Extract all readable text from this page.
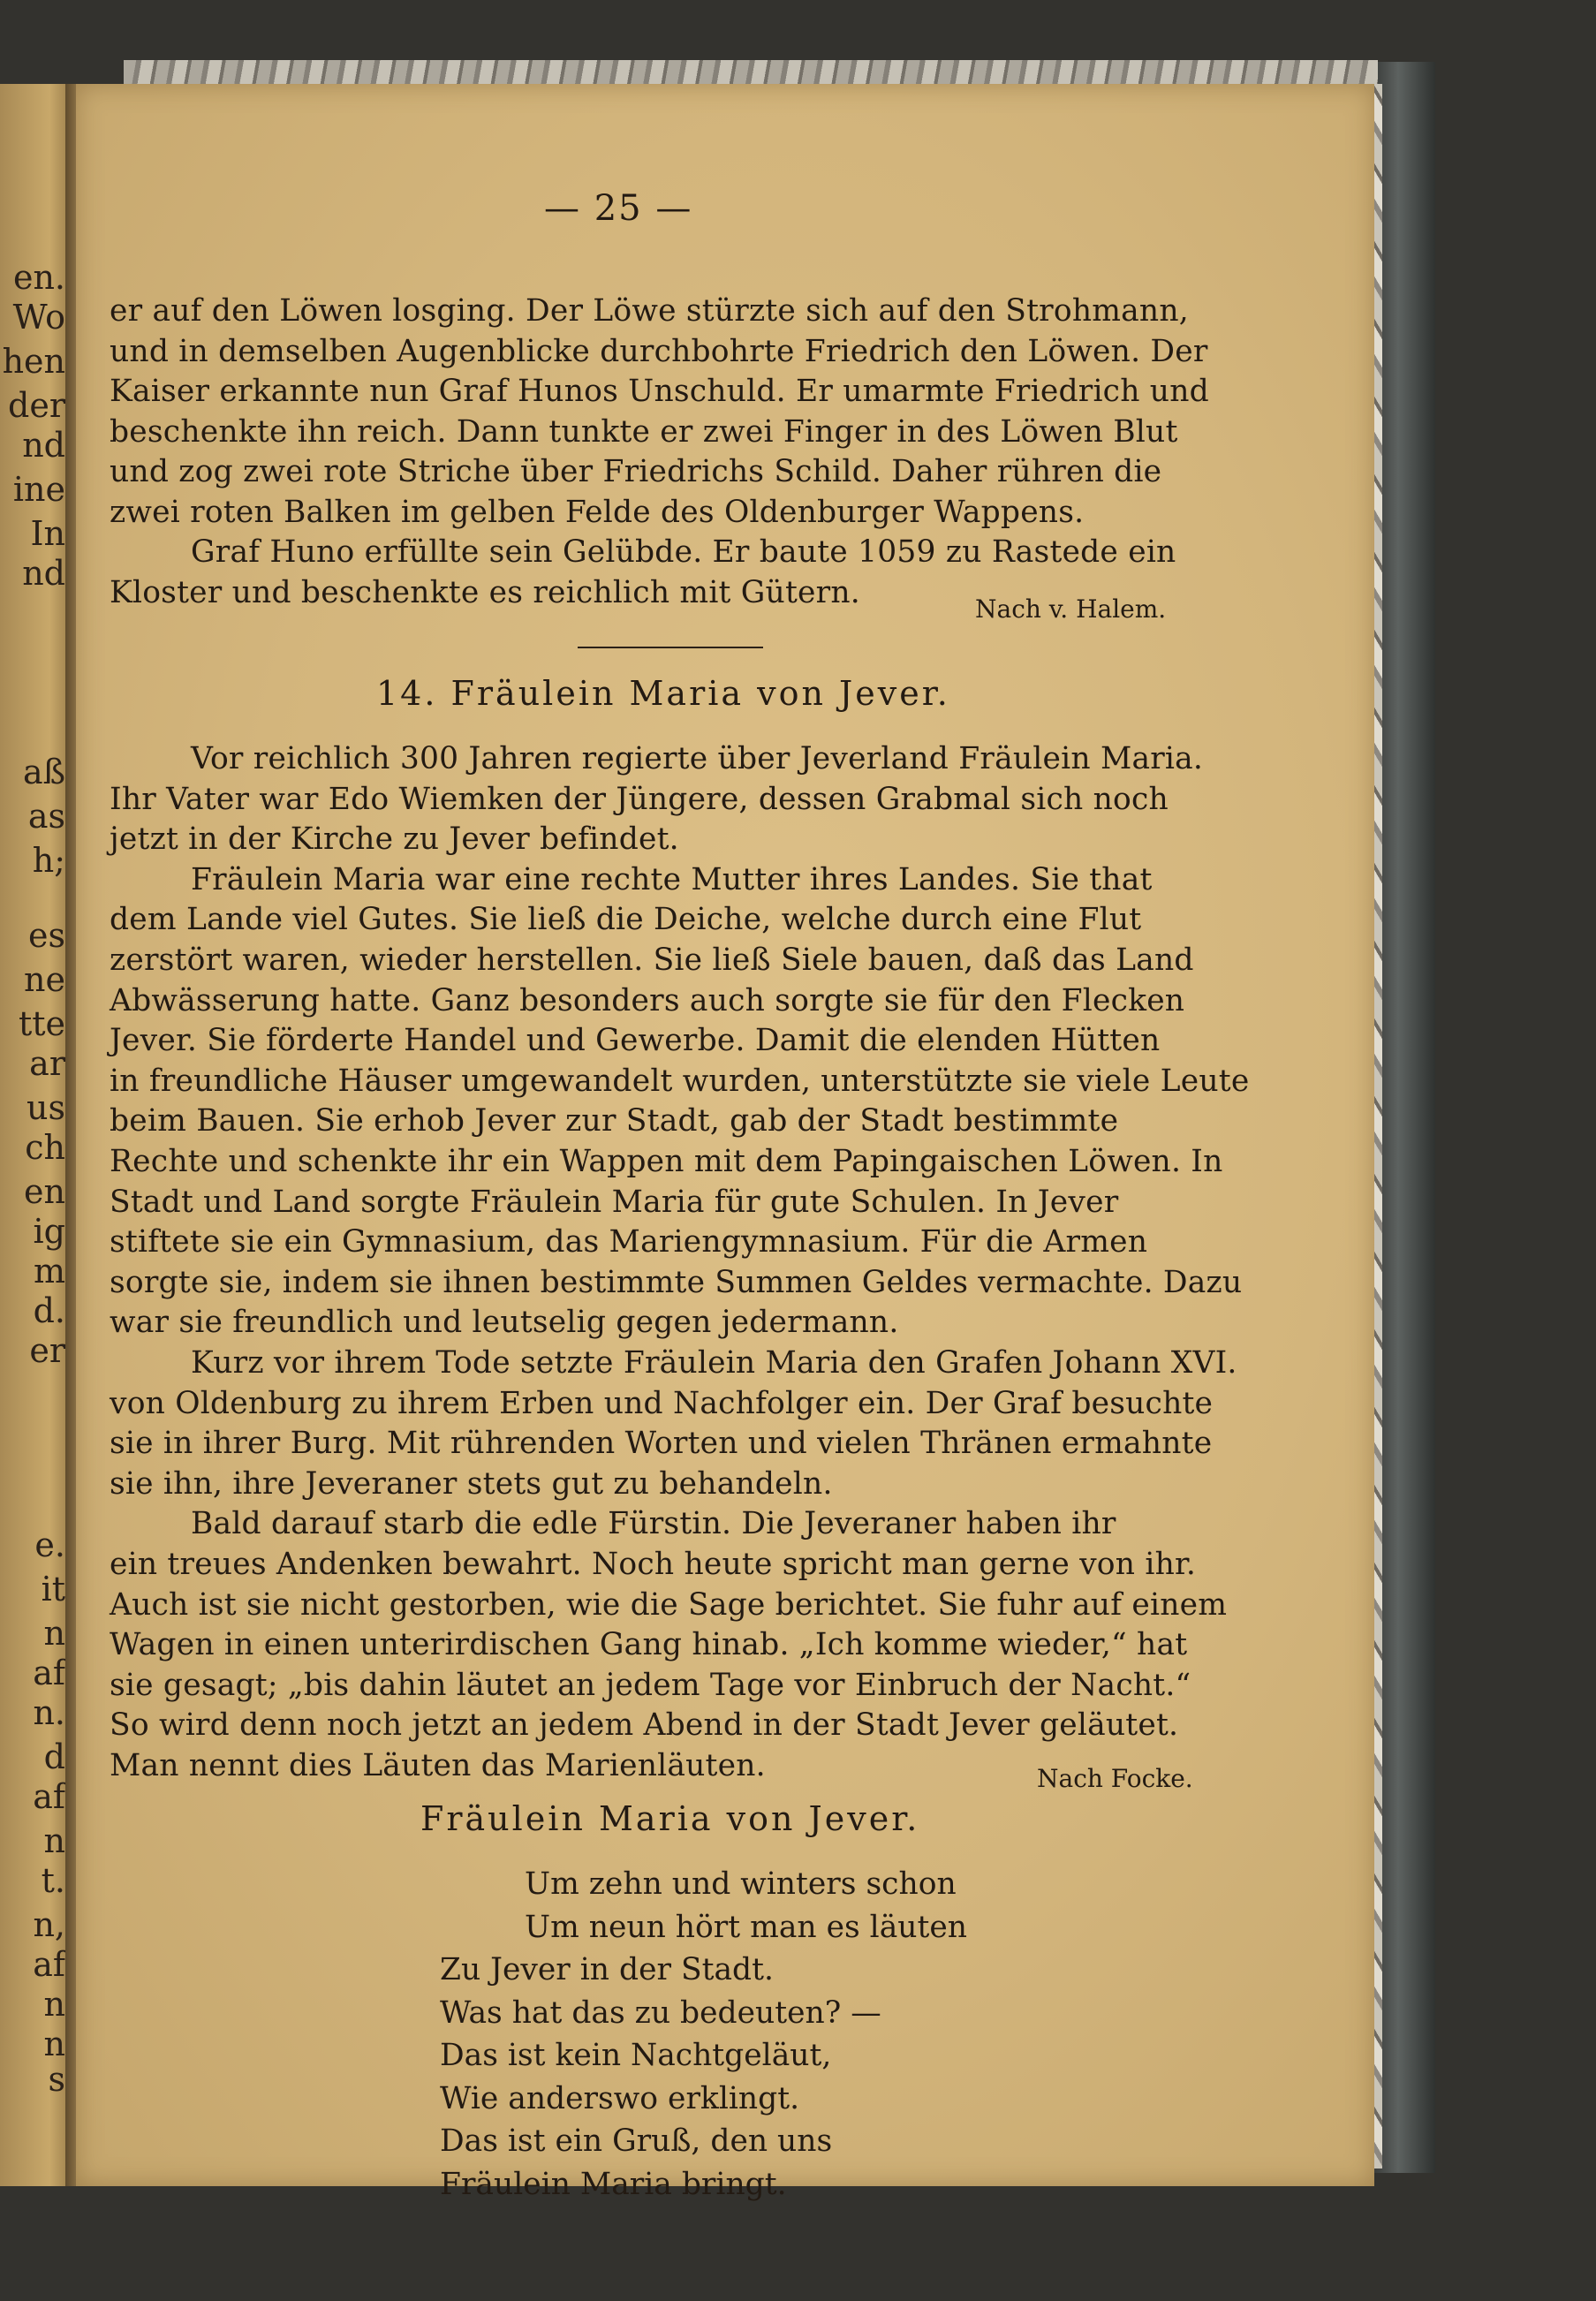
en.
Wo
hen
der
nd
ine
In
nd
aß
as
h;
es
ne
tte
ar
us
ch
en
ig
m
d.
er
e.
it
n
af
n.
d
af
n
t.
n,
af
n
n
s
— 25 —
er auf den Löwen losging. Der Löwe stürzte sich auf den Strohmann,
und in demselben Augenblicke durchbohrte Friedrich den Löwen. Der
Kaiser erkannte nun Graf Hunos Unschuld. Er umarmte Friedrich und
beschenkte ihn reich. Dann tunkte er zwei Finger in des Löwen Blut
und zog zwei rote Striche über Friedrichs Schild. Daher rühren die
zwei roten Balken im gelben Felde des Oldenburger Wappens.
Graf Huno erfüllte sein Gelübde. Er baute 1059 zu Rastede ein
Kloster und beschenkte es reichlich mit Gütern.	Nach v. Halem.
14. Fräulein Maria von Jever.
Vor reichlich 300 Jahren regierte über Jeverland Fräulein Maria.
Ihr Vater war Edo Wiemken der Jüngere, dessen Grabmal sich noch
jetzt in der Kirche zu Jever befindet.
Fräulein Maria war eine rechte Mutter ihres Landes. Sie that
dem Lande viel Gutes. Sie ließ die Deiche, welche durch eine Flut
zerstört waren, wieder herstellen. Sie ließ Siele bauen, daß das Land
Abwässerung hatte. Ganz besonders auch sorgte sie für den Flecken
Jever. Sie förderte Handel und Gewerbe. Damit die elenden Hütten
in freundliche Häuser umgewandelt wurden, unterstützte sie viele Leute
beim Bauen. Sie erhob Jever zur Stadt, gab der Stadt bestimmte
Rechte und schenkte ihr ein Wappen mit dem Papingaischen Löwen. In
Stadt und Land sorgte Fräulein Maria für gute Schulen. In Jever
stiftete sie ein Gymnasium, das Mariengymnasium. Für die Armen
sorgte sie, indem sie ihnen bestimmte Summen Geldes vermachte. Dazu
war sie freundlich und leutselig gegen jedermann.
Kurz vor ihrem Tode setzte Fräulein Maria den Grafen Johann XVI.
von Oldenburg zu ihrem Erben und Nachfolger ein. Der Graf besuchte
sie in ihrer Burg. Mit rührenden Worten und vielen Thränen ermahnte
sie ihn, ihre Jeveraner stets gut zu behandeln.
Bald darauf starb die edle Fürstin. Die Jeveraner haben ihr
ein treues Andenken bewahrt. Noch heute spricht man gerne von ihr.
Auch ist sie nicht gestorben, wie die Sage berichtet. Sie fuhr auf einem
Wagen in einen unterirdischen Gang hinab. „Ich komme wieder,“ hat
sie gesagt; „bis dahin läutet an jedem Tage vor Einbruch der Nacht.“
So wird denn noch jetzt an jedem Abend in der Stadt Jever geläutet.
Man nennt dies Läuten das Marienläuten.	Nach Focke.
Fräulein Maria von Jever.
Um zehn und winters schon
Um neun hört man es läuten
Zu Jever in der Stadt.
Was hat das zu bedeuten? —
Das ist kein Nachtgeläut,
Wie anderswo erklingt.
Das ist ein Gruß, den uns
Fräulein Maria bringt.
